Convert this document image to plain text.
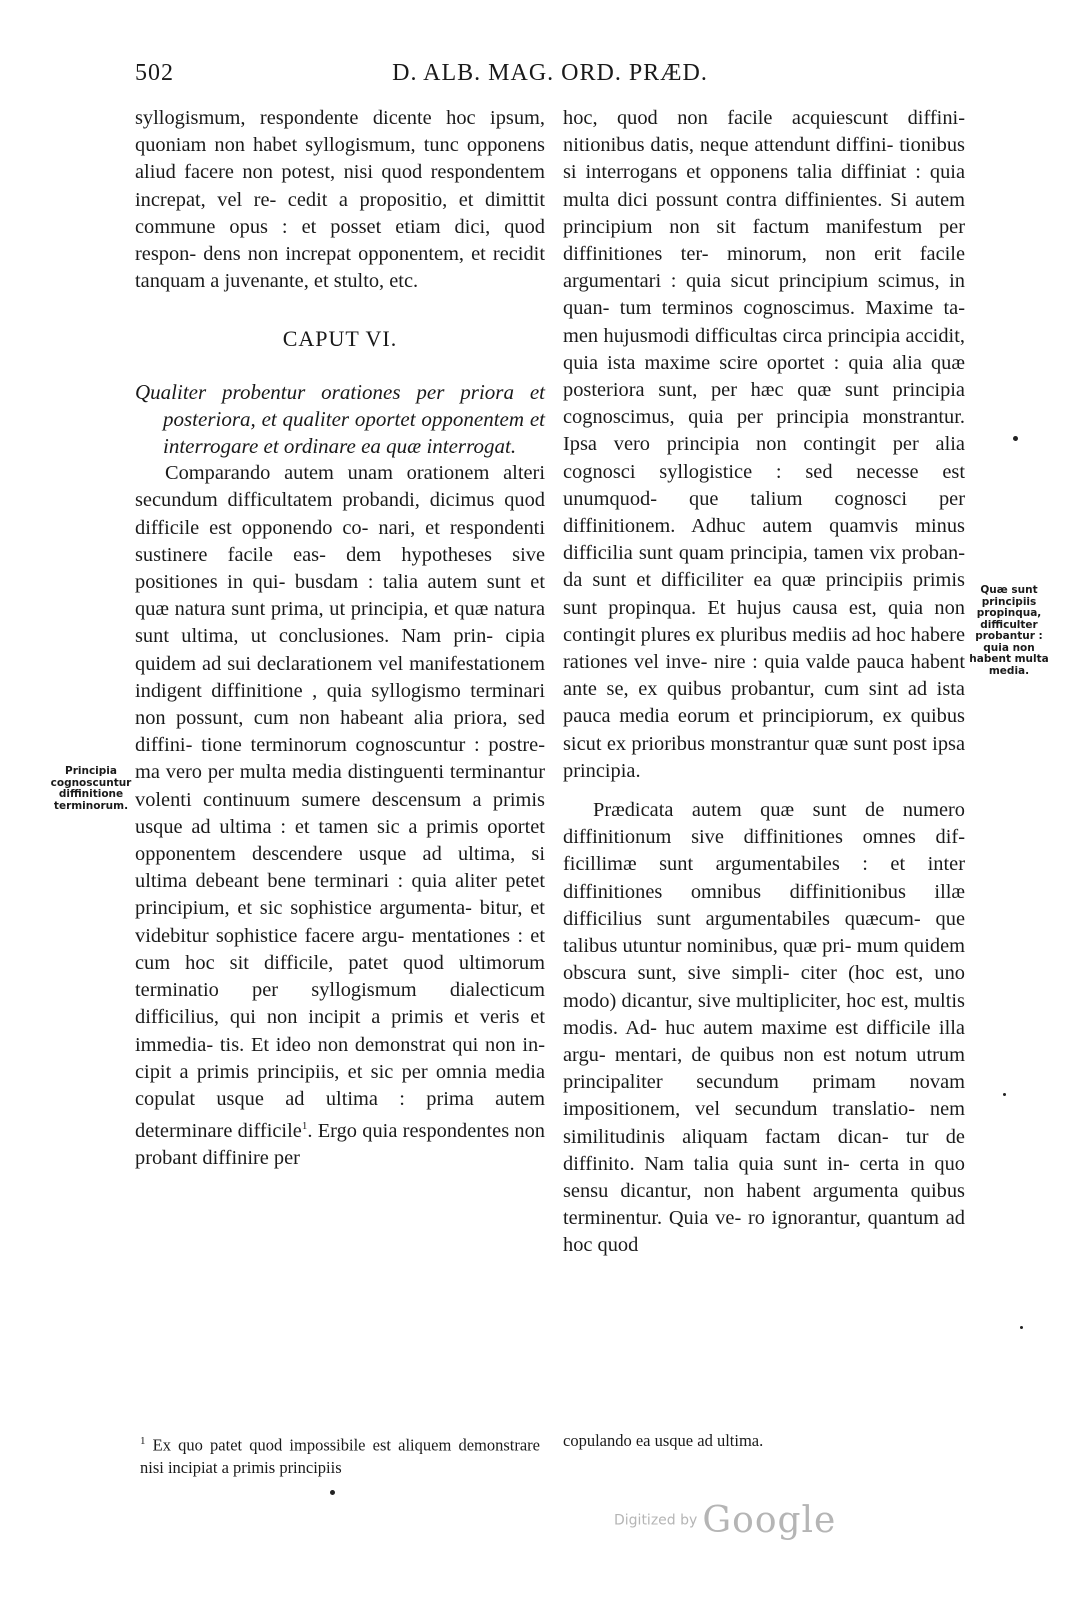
502	D. ALB. MAG. ORD. PRÆD.

syllogismum, respondente dicente hoc ipsum, quoniam non habet syllogismum, tunc opponens aliud facere non potest, nisi quod respondentem increpat, vel re- cedit a propositio, et dimittit commune opus : et posset etiam dici, quod respon- dens non increpat opponentem, et recidit tanquam a juvenante, et stulto, etc.

CAPUT VI.

Qualiter probentur orationes per priora et posteriora, et qualiter oportet opponentem et interrogare et ordinare ea quæ interrogat.

Comparando autem unam orationem alteri secundum difficultatem probandi, dicimus quod difficile est opponendo co- nari, et respondenti sustinere facile eas- dem hypotheses sive positiones in qui- busdam : talia autem sunt et quæ natura sunt prima, ut principia, et quæ natura sunt ultima, ut conclusiones. Nam prin- cipia quidem ad sui declarationem vel manifestationem indigent diffinitione , quia syllogismo terminari non possunt, cum non habeant alia priora, sed diffini- tione terminorum cognoscuntur : postre- ma vero per multa media distinguenti terminantur volenti continuum sumere descensum a primis usque ad ultima : et tamen sic a primis oportet opponentem descendere usque ad ultima, si ultima debeant bene terminari : quia aliter petet principium, et sic sophistice argumenta- bitur, et videbitur sophistice facere argu- mentationes : et cum hoc sit difficile, patet quod ultimorum terminatio per syllogismum dialecticum difficilius, qui non incipit a primis et veris et immedia- tis. Et ideo non demonstrat qui non in- cipit a primis principiis, et sic per omnia media copulat usque ad ultima : prima autem determinare difficile$^1$. Ergo quia respondentes non probant diffinire per

hoc, quod non facile acquiescunt diffini- nitionibus datis, neque attendunt diffini- tionibus si interrogans et opponens talia diffiniat : quia multa dici possunt contra diffinientes. Si autem principium non sit factum manifestum per diffinitiones ter- minorum, non erit facile argumentari : quia sicut principium scimus, in quan- tum terminos cognoscimus. Maxime ta- men hujusmodi difficultas circa principia accidit, quia ista maxime scire oportet : quia alia quæ posteriora sunt, per hæc quæ sunt principia cognoscimus, quia per principia monstrantur. Ipsa vero principia non contingit per alia cognosci syllogistice : sed necesse est unumquod- que talium cognosci per diffinitionem. Adhuc autem quamvis minus difficilia sunt quam principia, tamen vix proban- da sunt et difficiliter ea quæ principiis primis sunt propinqua. Et hujus causa est, quia non contingit plures ex pluribus mediis ad hoc habere rationes vel inve- nire : quia valde pauca habent ante se, ex quibus probantur, cum sint ad ista pauca media eorum et principiorum, ex quibus sicut ex prioribus monstrantur quæ sunt post ipsa principia.

Prædicata autem quæ sunt de numero diffinitionum sive diffinitiones omnes dif- ficillimæ sunt argumentabiles : et inter diffinitiones omnibus diffinitionibus illæ difficilius sunt argumentabiles quæcum- que talibus utuntur nominibus, quæ pri- mum quidem obscura sunt, sive simpli- citer (hoc est, uno modo) dicantur, sive multipliciter, hoc est, multis modis. Ad- huc autem maxime est difficile illa argu- mentari, de quibus non est notum utrum principaliter secundum primam novam impositionem, vel secundum translatio- nem similitudinis aliquam factam dican- tur de diffinito. Nam talia quia sunt in- certa in quo sensu dicantur, non habent argumenta quibus terminentur. Quia ve- ro ignorantur, quantum ad hoc quod

Principia cognoscuntur diffinitione terminorum.
Quæ sunt principiis propinqua, difficulter probantur : quia non habent multa media.
$^1$ Ex quo patet quod impossibile est aliquem demonstrare nisi incipiat a primis principiis
copulando ea usque ad ultima.
Digitized by Google
